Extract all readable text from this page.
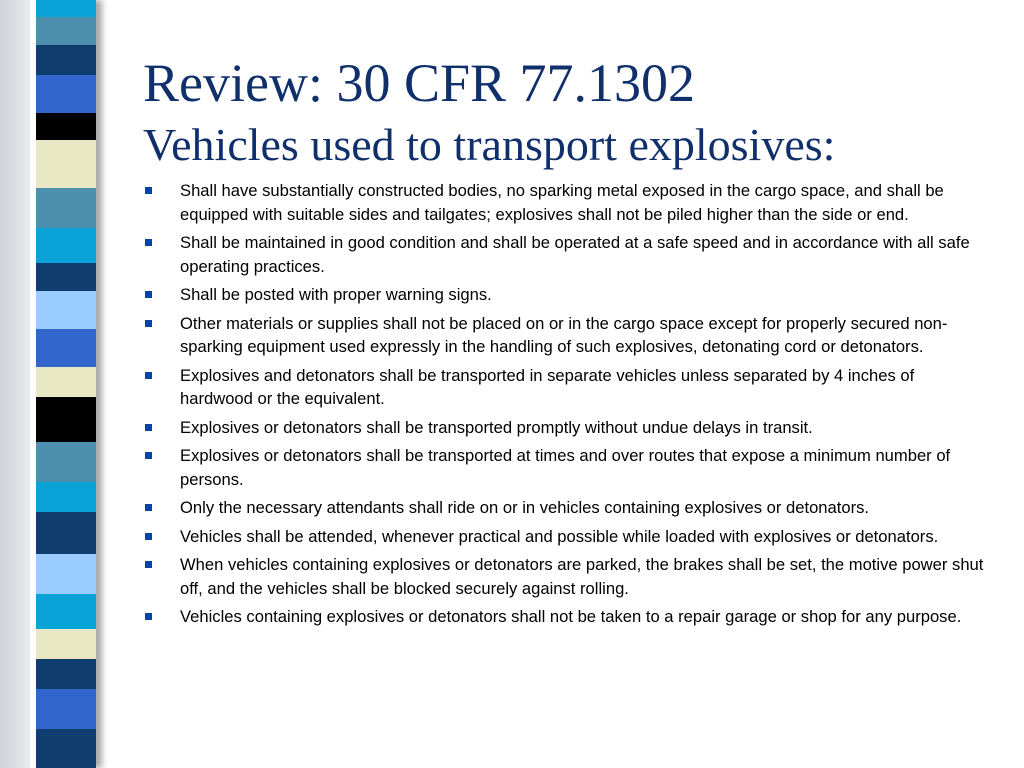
Review: 30 CFR 77.1302
Vehicles used to transport explosives:
Shall have substantially constructed bodies, no sparking metal exposed in the cargo space, and shall be equipped with suitable sides and tailgates; explosives shall not be piled higher than the side or end.
Shall be maintained in good condition and shall be operated at a safe speed and in accordance with all safe operating practices.
Shall be posted with proper warning signs.
Other materials or supplies shall not be placed on or in the cargo space except for properly secured non-sparking equipment used expressly in the handling of such explosives, detonating cord or detonators.
Explosives and detonators shall be transported in separate vehicles unless separated by 4 inches of hardwood or the equivalent.
Explosives or detonators shall be transported promptly without undue delays in transit.
Explosives or detonators shall be transported at times and over routes that expose a minimum number of persons.
Only the necessary attendants shall ride on or in vehicles containing explosives or detonators.
Vehicles shall be attended, whenever practical and possible while loaded with explosives or detonators.
When vehicles containing explosives or detonators are parked, the brakes shall be set, the motive power shut off, and the vehicles shall be blocked securely against rolling.
Vehicles containing explosives or detonators shall not be taken to a repair garage or shop for any purpose.
